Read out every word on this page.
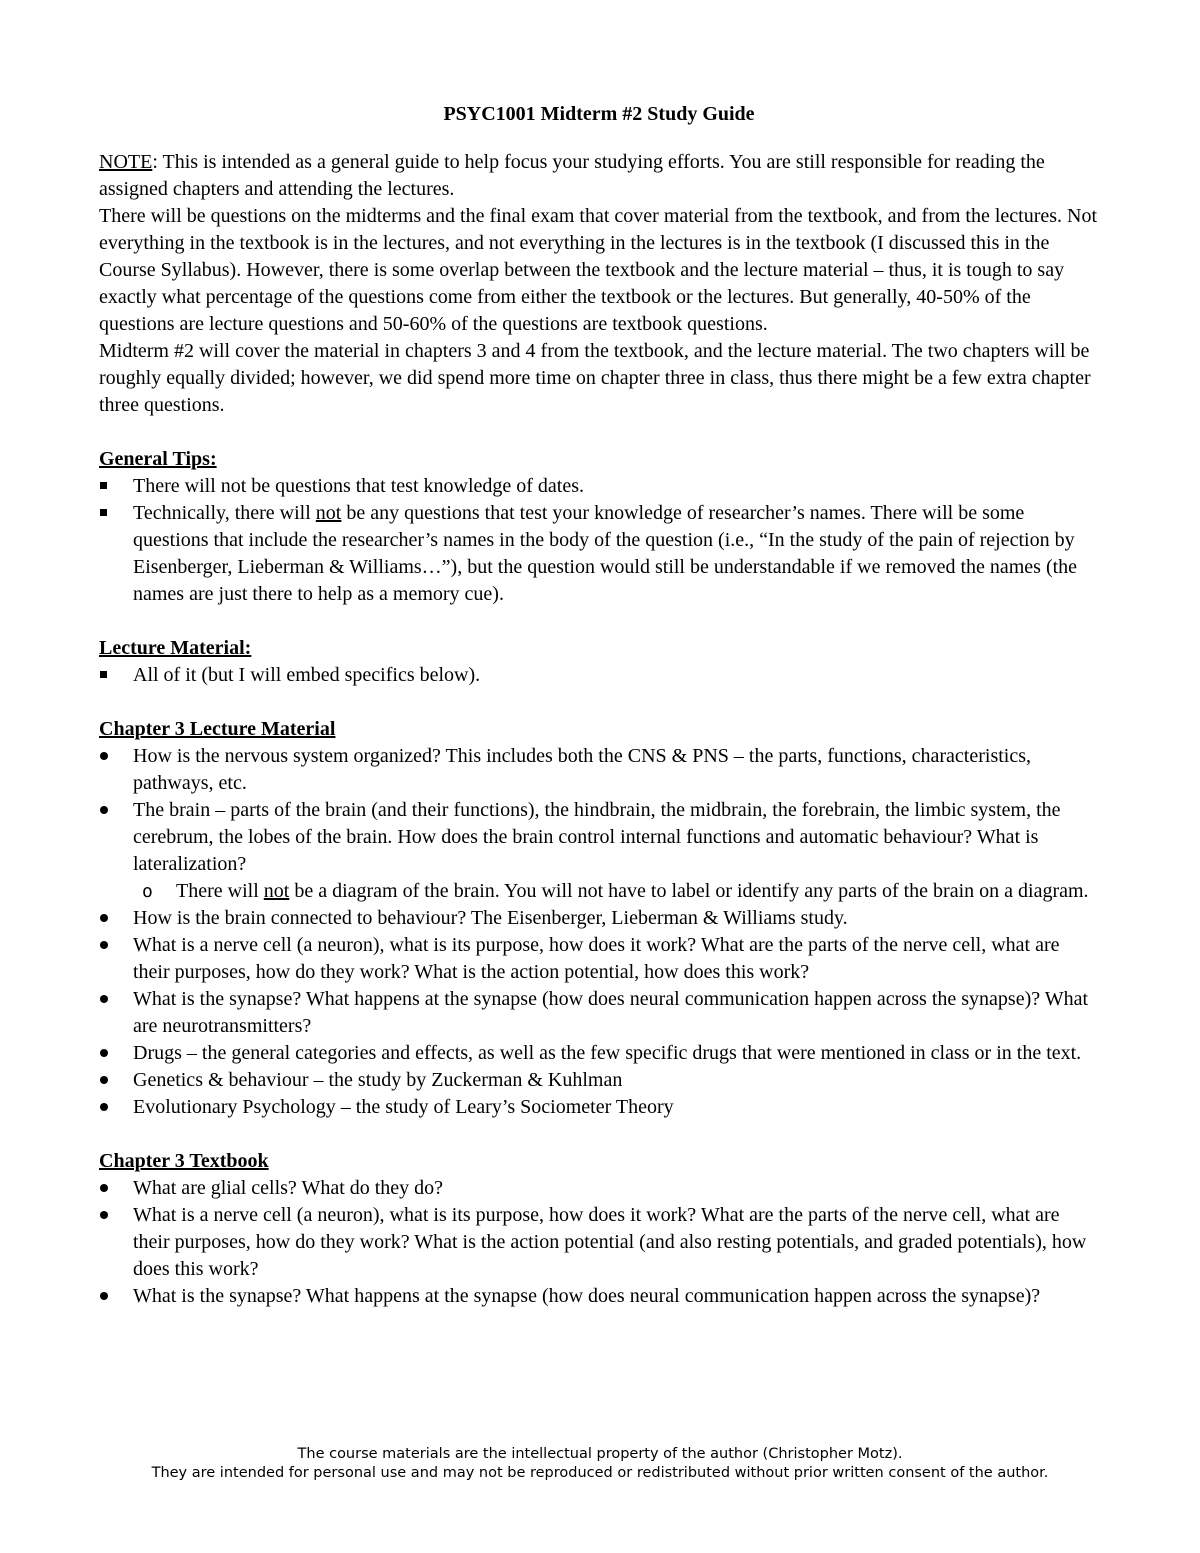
PSYC1001 Midterm #2 Study Guide

NOTE: This is intended as a general guide to help focus your studying efforts. You are still responsible for reading the assigned chapters and attending the lectures.

There will be questions on the midterms and the final exam that cover material from the textbook, and from the lectures. Not everything in the textbook is in the lectures, and not everything in the lectures is in the textbook (I discussed this in the Course Syllabus). However, there is some overlap between the textbook and the lecture material – thus, it is tough to say exactly what percentage of the questions come from either the textbook or the lectures. But generally, 40-50% of the questions are lecture questions and 50-60% of the questions are textbook questions.

Midterm #2 will cover the material in chapters 3 and 4 from the textbook, and the lecture material. The two chapters will be roughly equally divided; however, we did spend more time on chapter three in class, thus there might be a few extra chapter three questions.

General Tips:
There will not be questions that test knowledge of dates.
Technically, there will not be any questions that test your knowledge of researcher’s names. There will be some questions that include the researcher’s names in the body of the question (i.e., “In the study of the pain of rejection by Eisenberger, Lieberman & Williams…”), but the question would still be understandable if we removed the names (the names are just there to help as a memory cue).
Lecture Material:
All of it (but I will embed specifics below).
Chapter 3 Lecture Material
How is the nervous system organized? This includes both the CNS & PNS – the parts, functions, characteristics, pathways, etc.
The brain – parts of the brain (and their functions), the hindbrain, the midbrain, the forebrain, the limbic system, the cerebrum, the lobes of the brain. How does the brain control internal functions and automatic behaviour? What is lateralization?
o	There will not be a diagram of the brain. You will not have to label or identify any parts of the brain on a diagram.
How is the brain connected to behaviour? The Eisenberger, Lieberman & Williams study.
What is a nerve cell (a neuron), what is its purpose, how does it work? What are the parts of the nerve cell, what are their purposes, how do they work? What is the action potential, how does this work?
What is the synapse? What happens at the synapse (how does neural communication happen across the synapse)? What are neurotransmitters?
Drugs – the general categories and effects, as well as the few specific drugs that were mentioned in class or in the text.
Genetics & behaviour – the study by Zuckerman & Kuhlman
Evolutionary Psychology – the study of Leary’s Sociometer Theory
Chapter 3 Textbook
What are glial cells? What do they do?
What is a nerve cell (a neuron), what is its purpose, how does it work? What are the parts of the nerve cell, what are their purposes, how do they work? What is the action potential (and also resting potentials, and graded potentials), how does this work?
What is the synapse? What happens at the synapse (how does neural communication happen across the synapse)?
The course materials are the intellectual property of the author (Christopher Motz).
They are intended for personal use and may not be reproduced or redistributed without prior written consent of the author.
